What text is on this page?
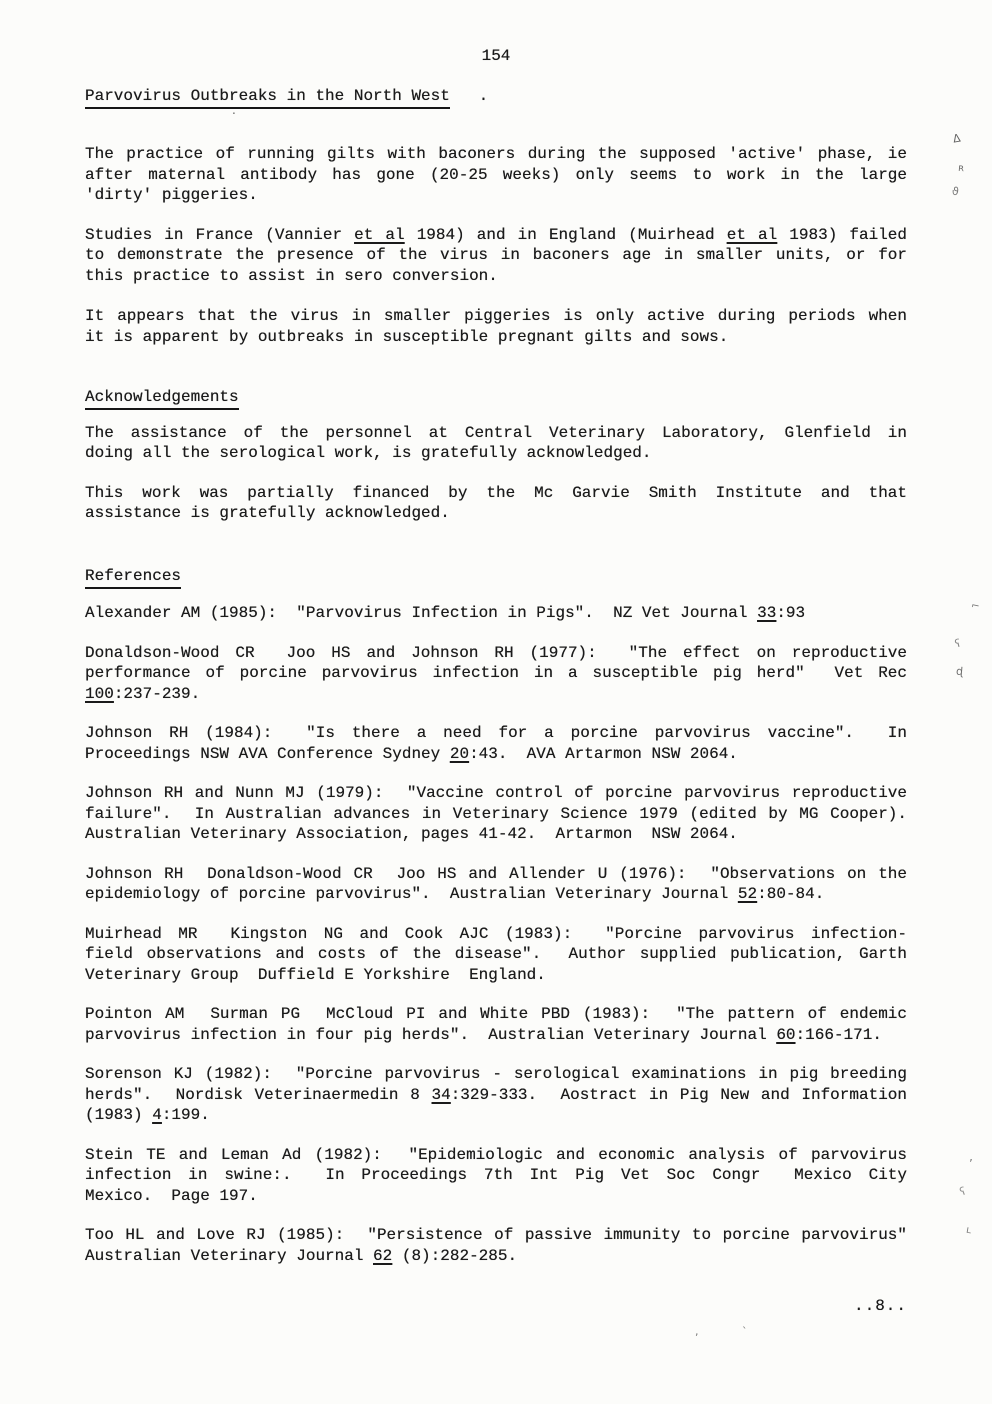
154
Parvovirus Outbreaks in the North West   .
The practice of running gilts with baconers during the supposed 'active' phase, ie
after maternal antibody has gone (20-25 weeks) only seems to work in the large
'dirty' piggeries.
Studies in France (Vannier et al 1984) and in England (Muirhead et al 1983) failed
to demonstrate the presence of the virus in baconers age in smaller units, or for
this practice to assist in sero conversion.
It appears that the virus in smaller piggeries is only active during periods when
it is apparent by outbreaks in susceptible pregnant gilts and sows.
Acknowledgements
The assistance of the personnel at Central Veterinary Laboratory, Glenfield in
doing all the serological work, is gratefully acknowledged.
This work was partially financed by the Mc Garvie Smith Institute and that
assistance is gratefully acknowledged.
References
Alexander AM (1985):  "Parvovirus Infection in Pigs".  NZ Vet Journal 33:93
Donaldson-Wood CR  Joo HS and Johnson RH (1977):  "The effect on reproductive
performance of porcine parvovirus infection in a susceptible pig herd"  Vet Rec
100:237-239.
Johnson RH (1984):  "Is there a need for a porcine parvovirus vaccine".  In
Proceedings NSW AVA Conference Sydney 20:43.  AVA Artarmon NSW 2064.
Johnson RH and Nunn MJ (1979):  "Vaccine control of porcine parvovirus reproductive
failure".  In Australian advances in Veterinary Science 1979 (edited by MG Cooper).
Australian Veterinary Association, pages 41-42.  Artarmon  NSW 2064.
Johnson RH  Donaldson-Wood CR  Joo HS and Allender U (1976):  "Observations on the
epidemiology of porcine parvovirus".  Australian Veterinary Journal 52:80-84.
Muirhead MR  Kingston NG and Cook AJC (1983):  "Porcine parvovirus infection-
field observations and costs of the disease".  Author supplied publication, Garth
Veterinary Group  Duffield E Yorkshire  England.
Pointon AM  Surman PG  McCloud PI and White PBD (1983):  "The pattern of endemic
parvovirus infection in four pig herds".  Australian Veterinary Journal 60:166-171.
Sorenson KJ (1982):  "Porcine parvovirus - serological examinations in pig breeding
herds".  Nordisk Veterinaermedin 8 34:329-333.  Aostract in Pig New and Information
(1983) 4:199.
Stein TE and Leman Ad (1982):  "Epidemiologic and economic analysis of parvovirus
infection in swine:.  In Proceedings 7th Int Pig Vet Soc Congr  Mexico City
Mexico.  Page 197.
Too HL and Love RJ (1985):  "Persistence of passive immunity to porcine parvovirus"
Australian Veterinary Journal 62 (8):282-285.
..8..
Δ
ʀ
ϑ
⌐
ʕ
ɖ
’
ʕ
ʟ
.
,	`
